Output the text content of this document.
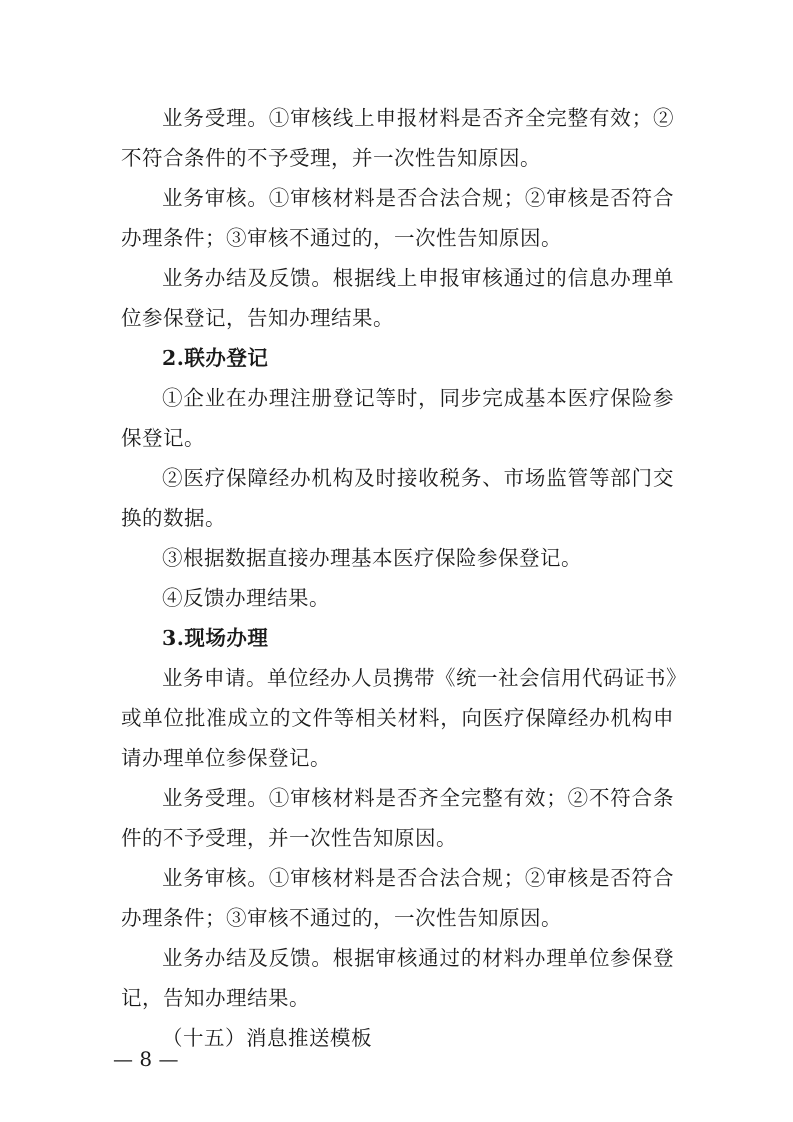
业务受理。①审核线上申报材料是否齐全完整有效；②
不符合条件的不予受理，并一次性告知原因。
业务审核。①审核材料是否合法合规；②审核是否符合
办理条件；③审核不通过的，一次性告知原因。
业务办结及反馈。根据线上申报审核通过的信息办理单
位参保登记，告知办理结果。
2.联办登记
①企业在办理注册登记等时，同步完成基本医疗保险参
保登记。
②医疗保障经办机构及时接收税务、市场监管等部门交
换的数据。
③根据数据直接办理基本医疗保险参保登记。
④反馈办理结果。
3.现场办理
业务申请。单位经办人员携带《统一社会信用代码证书》
或单位批准成立的文件等相关材料，向医疗保障经办机构申
请办理单位参保登记。
业务受理。①审核材料是否齐全完整有效；②不符合条
件的不予受理，并一次性告知原因。
业务审核。①审核材料是否合法合规；②审核是否符合
办理条件；③审核不通过的，一次性告知原因。
业务办结及反馈。根据审核通过的材料办理单位参保登
记，告知办理结果。
（十五）消息推送模板
— 8 —
